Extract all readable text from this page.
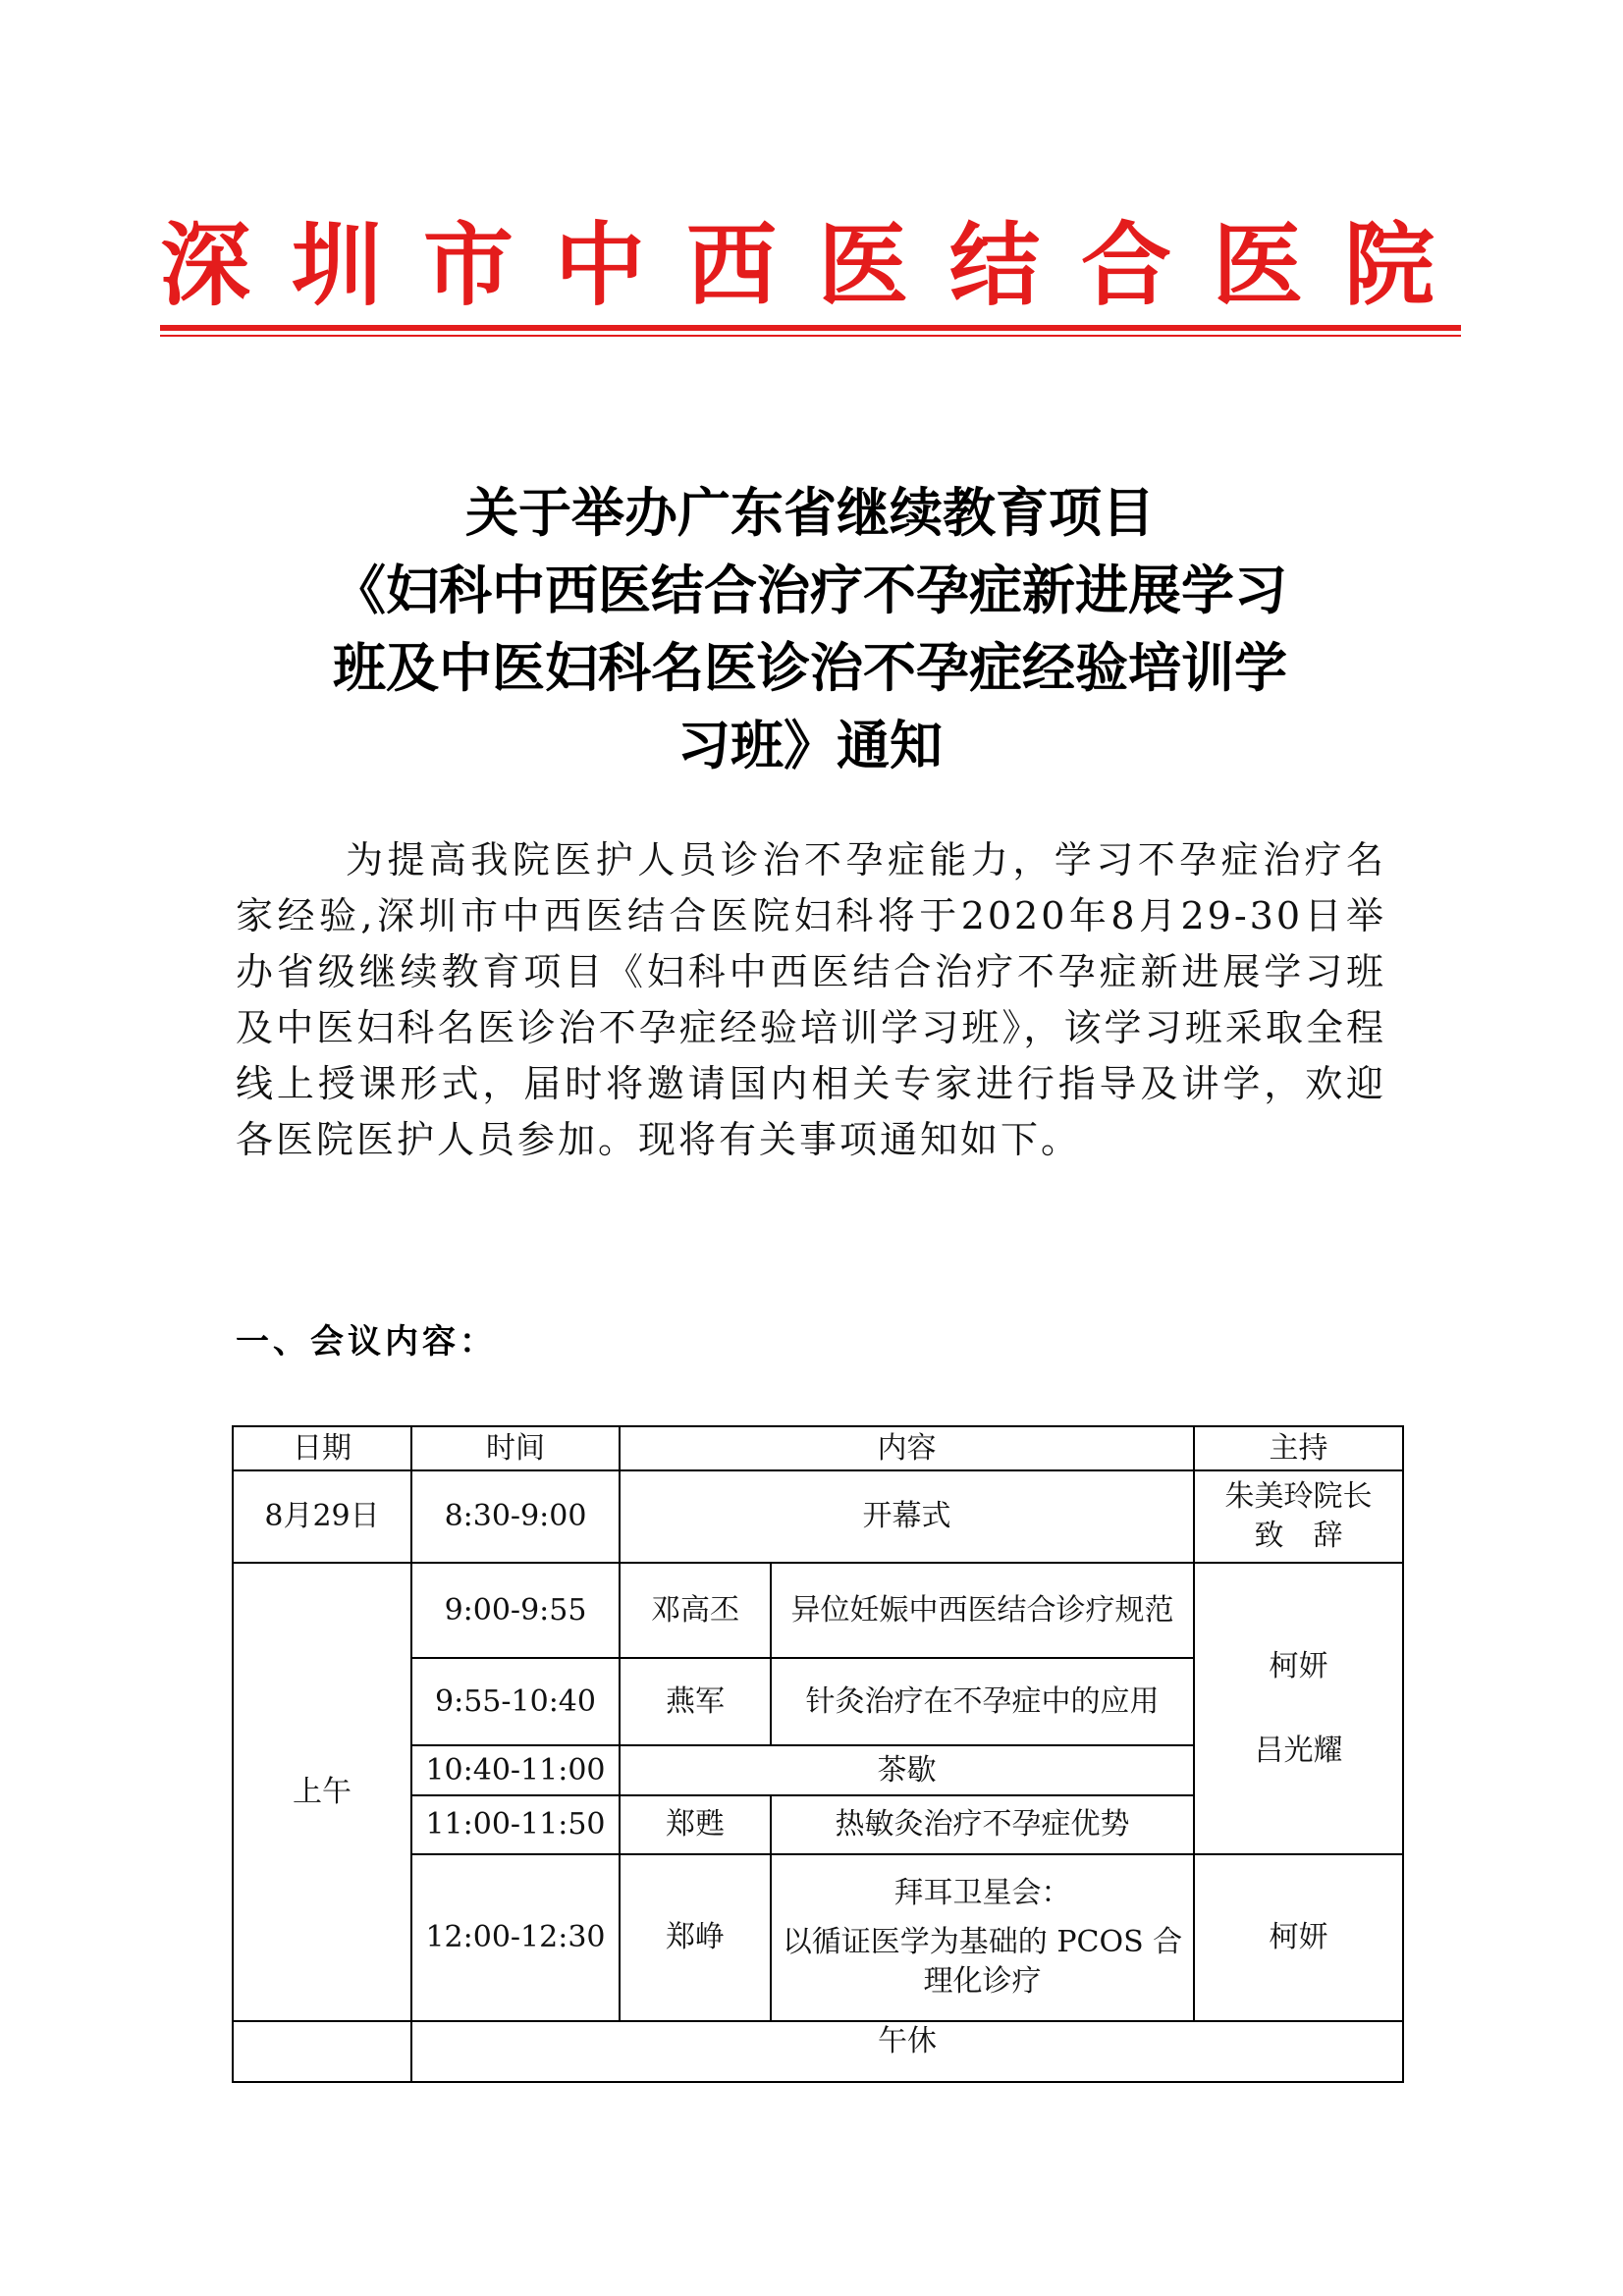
深圳市中西医结合医院
关于举办广东省继续教育项目
《妇科中西医结合治疗不孕症新进展学习
班及中医妇科名医诊治不孕症经验培训学
习班》通知
为提高我院医护人员诊治不孕症能力，学习不孕症治疗名家经验,深圳市中西医结合医院妇科将于2020年8月29-30日举办省级继续教育项目《妇科中西医结合治疗不孕症新进展学习班及中医妇科名医诊治不孕症经验培训学习班》，该学习班采取全程线上授课形式，届时将邀请国内相关专家进行指导及讲学，欢迎各医院医护人员参加。现将有关事项通知如下。
一、会议内容：
日期	时间	内容		主持
8月29日	8:30-9:00	开幕式		朱美玲院长
致　辞

上午	9:00-9:55	邓高丕	异位妊娠中西医结合诊疗规范	柯妍
吕光耀

	9:55-10:40	燕军	针灸治疗在不孕症中的应用	
	10:40-11:00	茶歇		
	11:00-11:50	郑甦	热敏灸治疗不孕症优势	
	12:00-12:30	郑峥	拜耳卫星会：
以循证医学为基础的 PCOS 合理化诊疗	柯妍
	午休			
